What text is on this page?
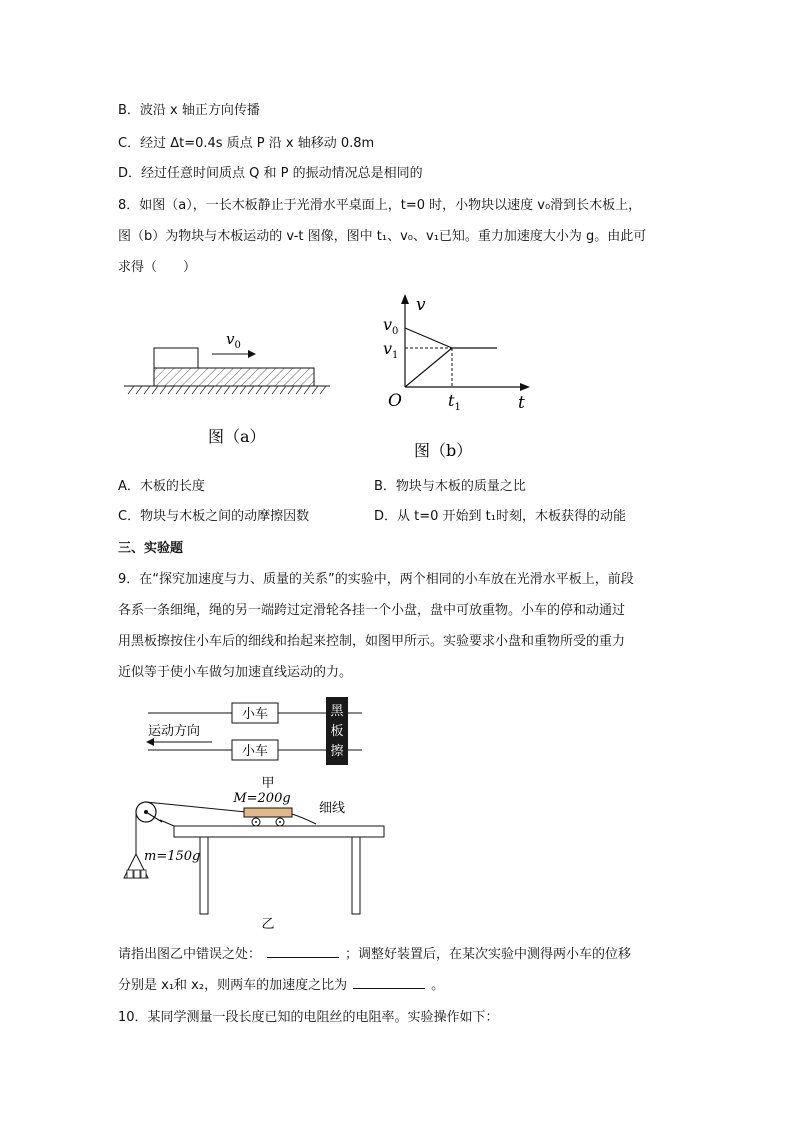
B．波沿 x 轴正方向传播
C．经过 Δt=0.4s 质点 P 沿 x 轴移动 0.8m
D．经过任意时间质点 Q 和 P 的振动情况总是相同的
8．如图（a），一长木板静止于光滑水平桌面上，t=0 时，小物块以速度 v₀滑到长木板上，
图（b）为物块与木板运动的 v-t 图像，图中 t₁、v₀、v₁已知。重力加速度大小为 g。由此可
求得（　　）
$v_0$
图（a）
v
t
O
$v_0$
$v_1$
$t_1$
图（b）
A．木板的长度	B．物块与木板的质量之比
C．物块与木板之间的动摩擦因数	D．从 t=0 开始到 t₁时刻，木板获得的动能
三、实验题
9．在“探究加速度与力、质量的关系”的实验中，两个相同的小车放在光滑水平板上，前段
各系一条细绳，绳的另一端跨过定滑轮各挂一个小盘，盘中可放重物。小车的停和动通过
用黑板擦按住小车后的细线和抬起来控制，如图甲所示。实验要求小盘和重物所受的重力
近似等于使小车做匀加速直线运动的力。
小车
小车
黑
板
擦
运动方向
甲
M=200g
细线
m=150g
乙
请指出图乙中错误之处：	；调整好装置后，在某次实验中测得两小车的位移
分别是 x₁和 x₂，则两车的加速度之比为	。
10．某同学测量一段长度已知的电阻丝的电阻率。实验操作如下：
